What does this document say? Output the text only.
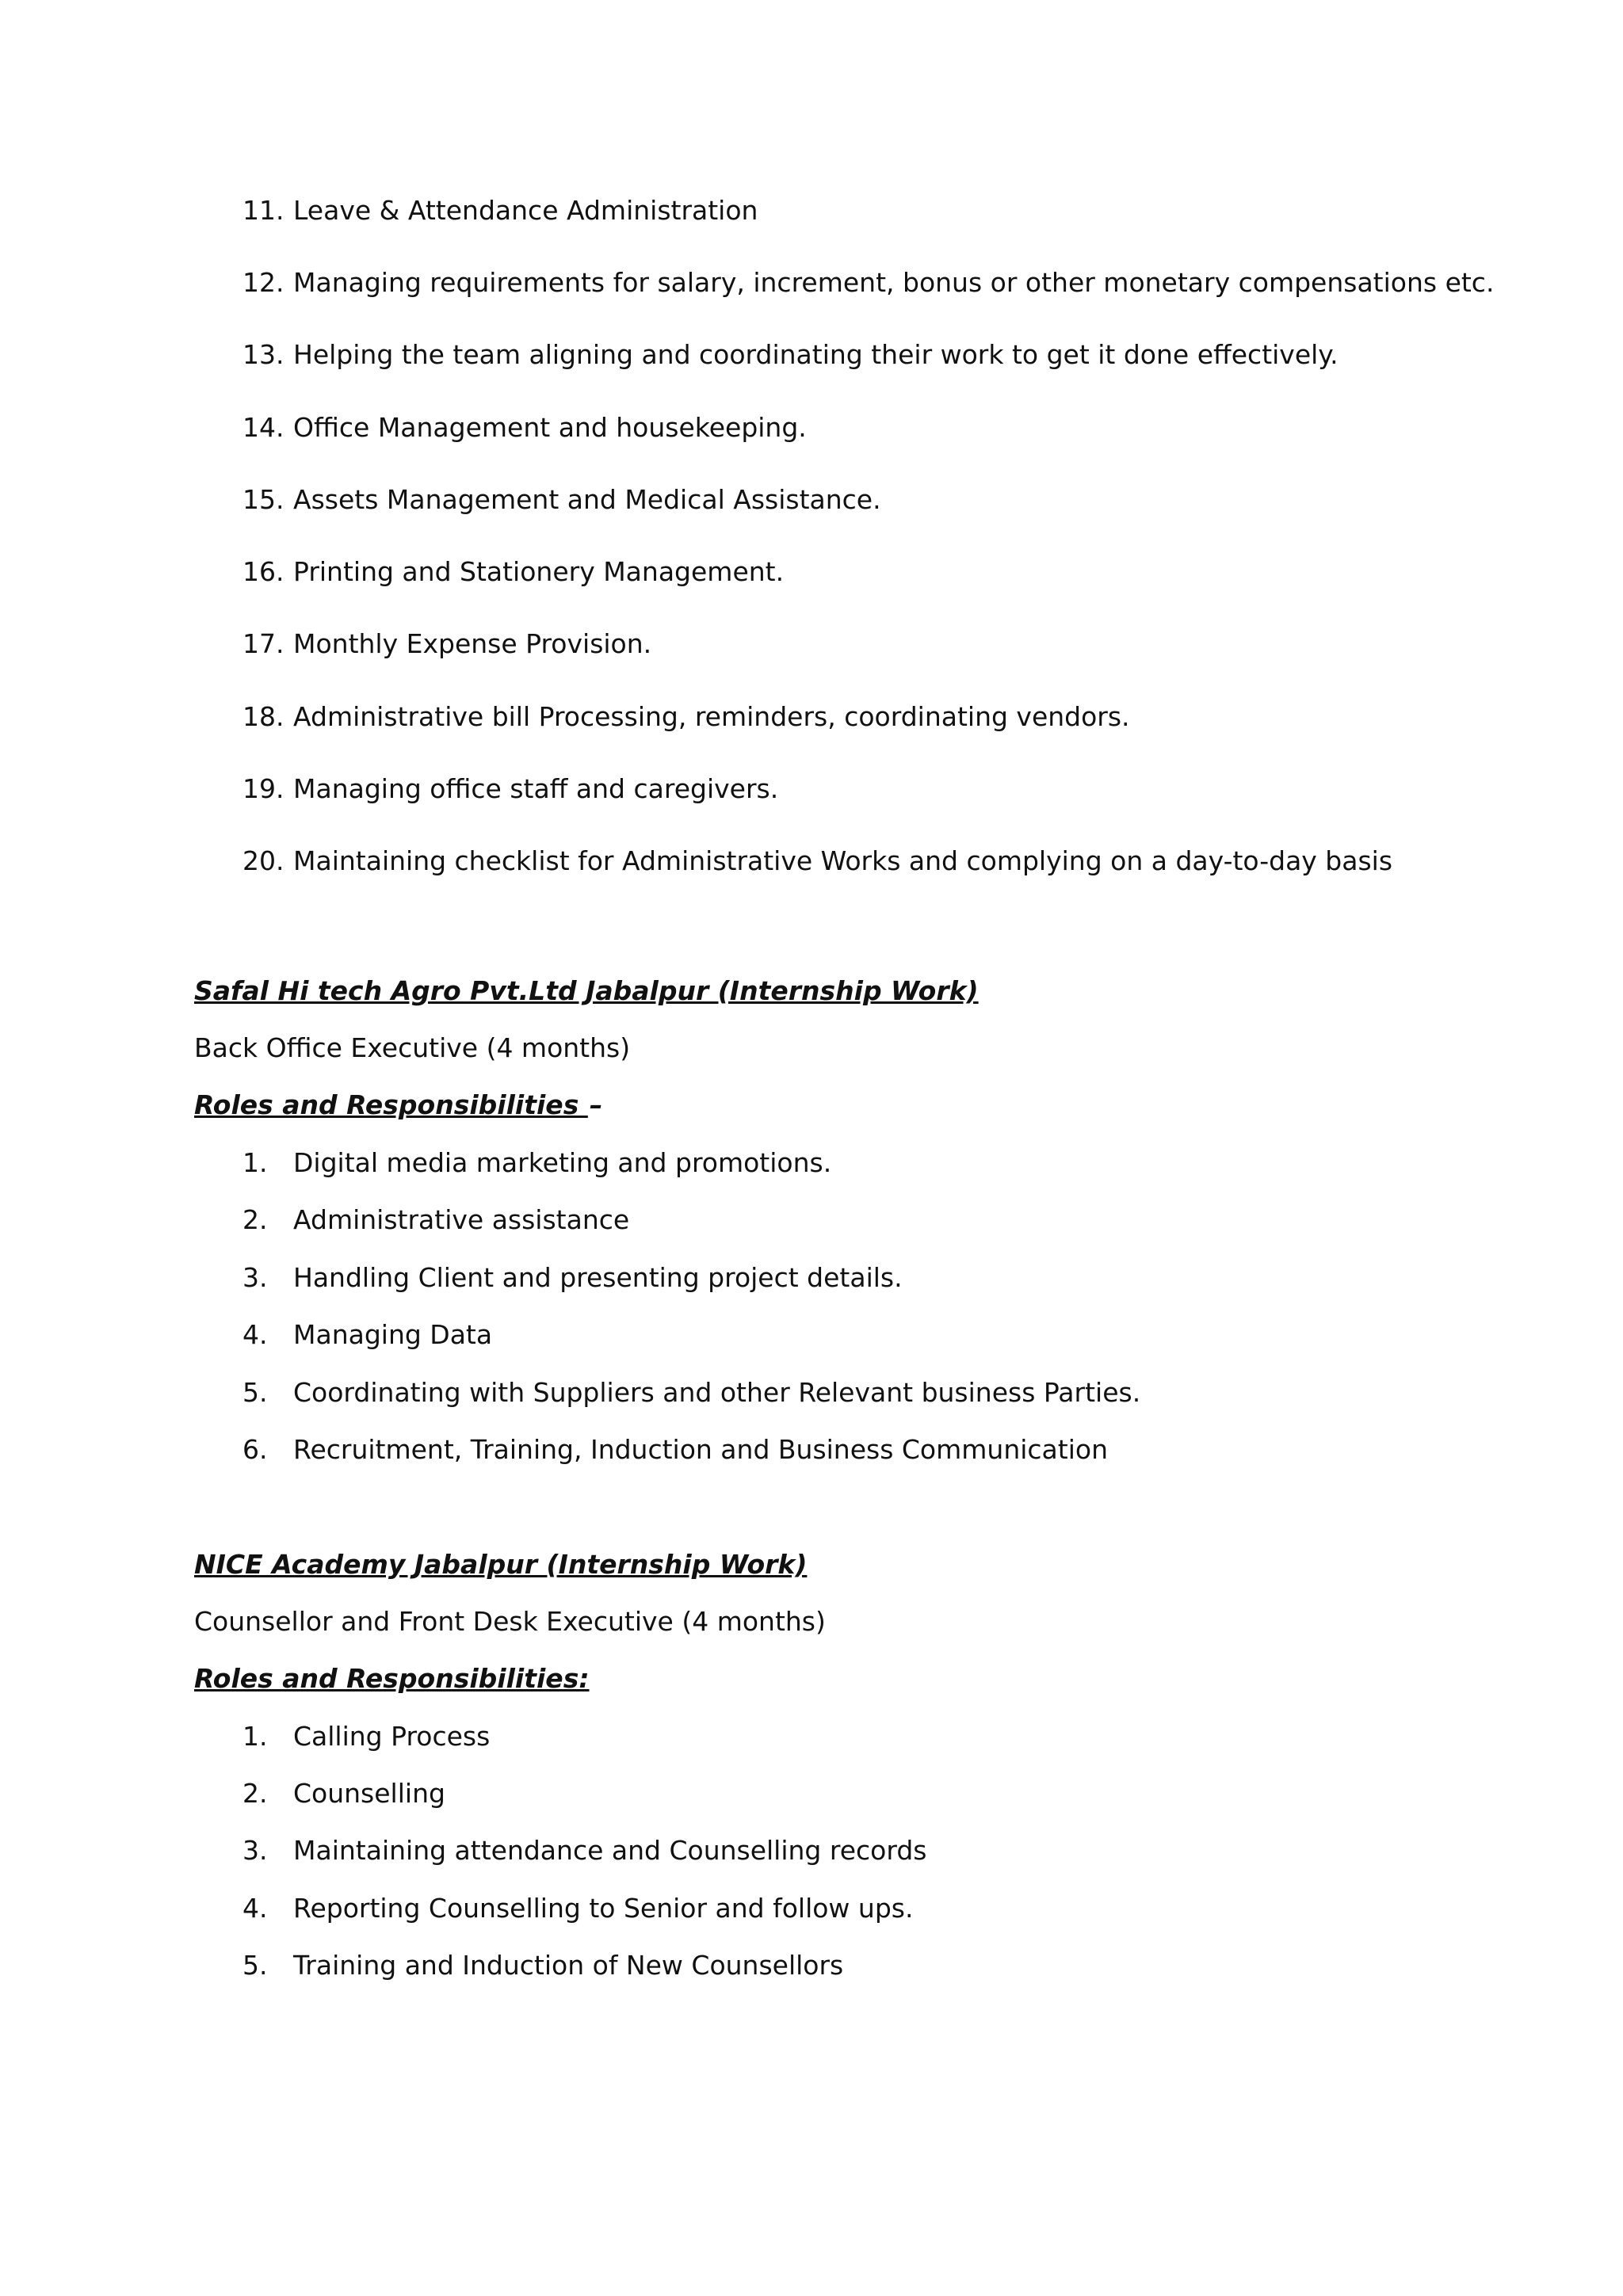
11. Leave & Attendance Administration
12. Managing requirements for salary, increment, bonus or other monetary compensations etc.
13. Helping the team aligning and coordinating their work to get it done effectively.
14. Office Management and housekeeping.
15. Assets Management and Medical Assistance.
16. Printing and Stationery Management.
17. Monthly Expense Provision.
18. Administrative bill Processing, reminders, coordinating vendors.
19. Managing office staff and caregivers.
20. Maintaining checklist for Administrative Works and complying on a day-to-day basis
Safal Hi tech Agro Pvt.Ltd Jabalpur (Internship Work)
Back Office Executive (4 months)
Roles and Responsibilities –
1. Digital media marketing and promotions.
2. Administrative assistance
3. Handling Client and presenting project details.
4. Managing Data
5. Coordinating with Suppliers and other Relevant business Parties.
6. Recruitment, Training, Induction and Business Communication
NICE Academy Jabalpur (Internship Work)
Counsellor and Front Desk Executive (4 months)
Roles and Responsibilities:
1. Calling Process
2. Counselling
3. Maintaining attendance and Counselling records
4. Reporting Counselling to Senior and follow ups.
5. Training and Induction of New Counsellors
